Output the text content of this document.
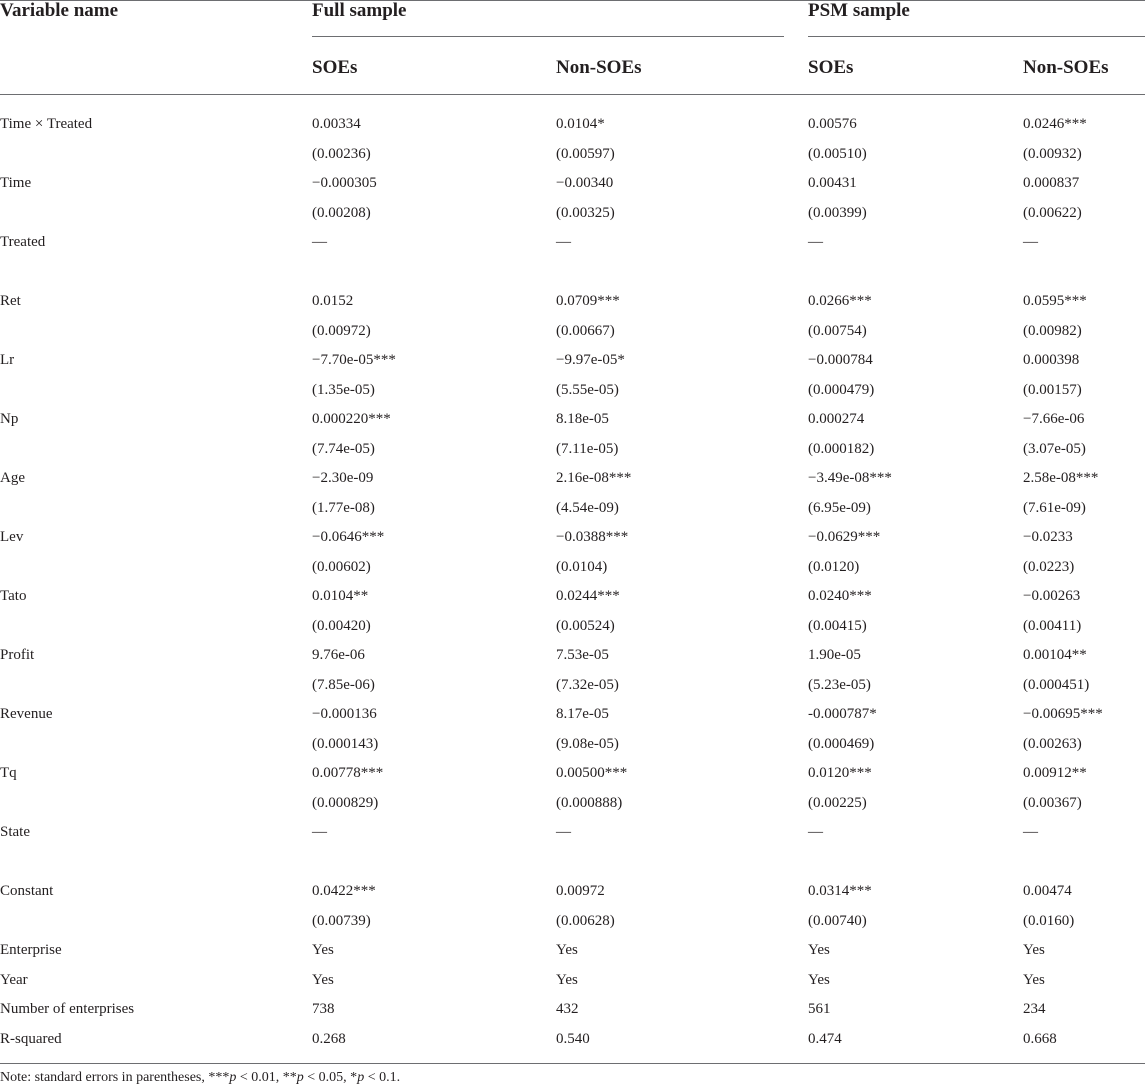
Variable name	Full sample	PSM sample
SOEs	Non-SOEs	SOEs	Non-SOEs
Time × Treated	0.00334	0.0104*	0.00576	0.0246***
(0.00236)	(0.00597)	(0.00510)	(0.00932)
Time	−0.000305	−0.00340	0.00431	0.000837
(0.00208)	(0.00325)	(0.00399)	(0.00622)
Treated	—	—	—	—
Ret	0.0152	0.0709***	0.0266***	0.0595***
(0.00972)	(0.00667)	(0.00754)	(0.00982)
Lr	−7.70e-05***	−9.97e-05*	−0.000784	0.000398
(1.35e-05)	(5.55e-05)	(0.000479)	(0.00157)
Np	0.000220***	8.18e-05	0.000274	−7.66e-06
(7.74e-05)	(7.11e-05)	(0.000182)	(3.07e-05)
Age	−2.30e-09	2.16e-08***	−3.49e-08***	2.58e-08***
(1.77e-08)	(4.54e-09)	(6.95e-09)	(7.61e-09)
Lev	−0.0646***	−0.0388***	−0.0629***	−0.0233
(0.00602)	(0.0104)	(0.0120)	(0.0223)
Tato	0.0104**	0.0244***	0.0240***	−0.00263
(0.00420)	(0.00524)	(0.00415)	(0.00411)
Profit	9.76e-06	7.53e-05	1.90e-05	0.00104**
(7.85e-06)	(7.32e-05)	(5.23e-05)	(0.000451)
Revenue	−0.000136	8.17e-05	-0.000787*	−0.00695***
(0.000143)	(9.08e-05)	(0.000469)	(0.00263)
Tq	0.00778***	0.00500***	0.0120***	0.00912**
(0.000829)	(0.000888)	(0.00225)	(0.00367)
State	—	—	—	—
Constant	0.0422***	0.00972	0.0314***	0.00474
(0.00739)	(0.00628)	(0.00740)	(0.0160)
Enterprise	Yes	Yes	Yes	Yes
Year	Yes	Yes	Yes	Yes
Number of enterprises	738	432	561	234
R-squared	0.268	0.540	0.474	0.668
Note: standard errors in parentheses, ***p < 0.01, **p < 0.05, *p < 0.1.
